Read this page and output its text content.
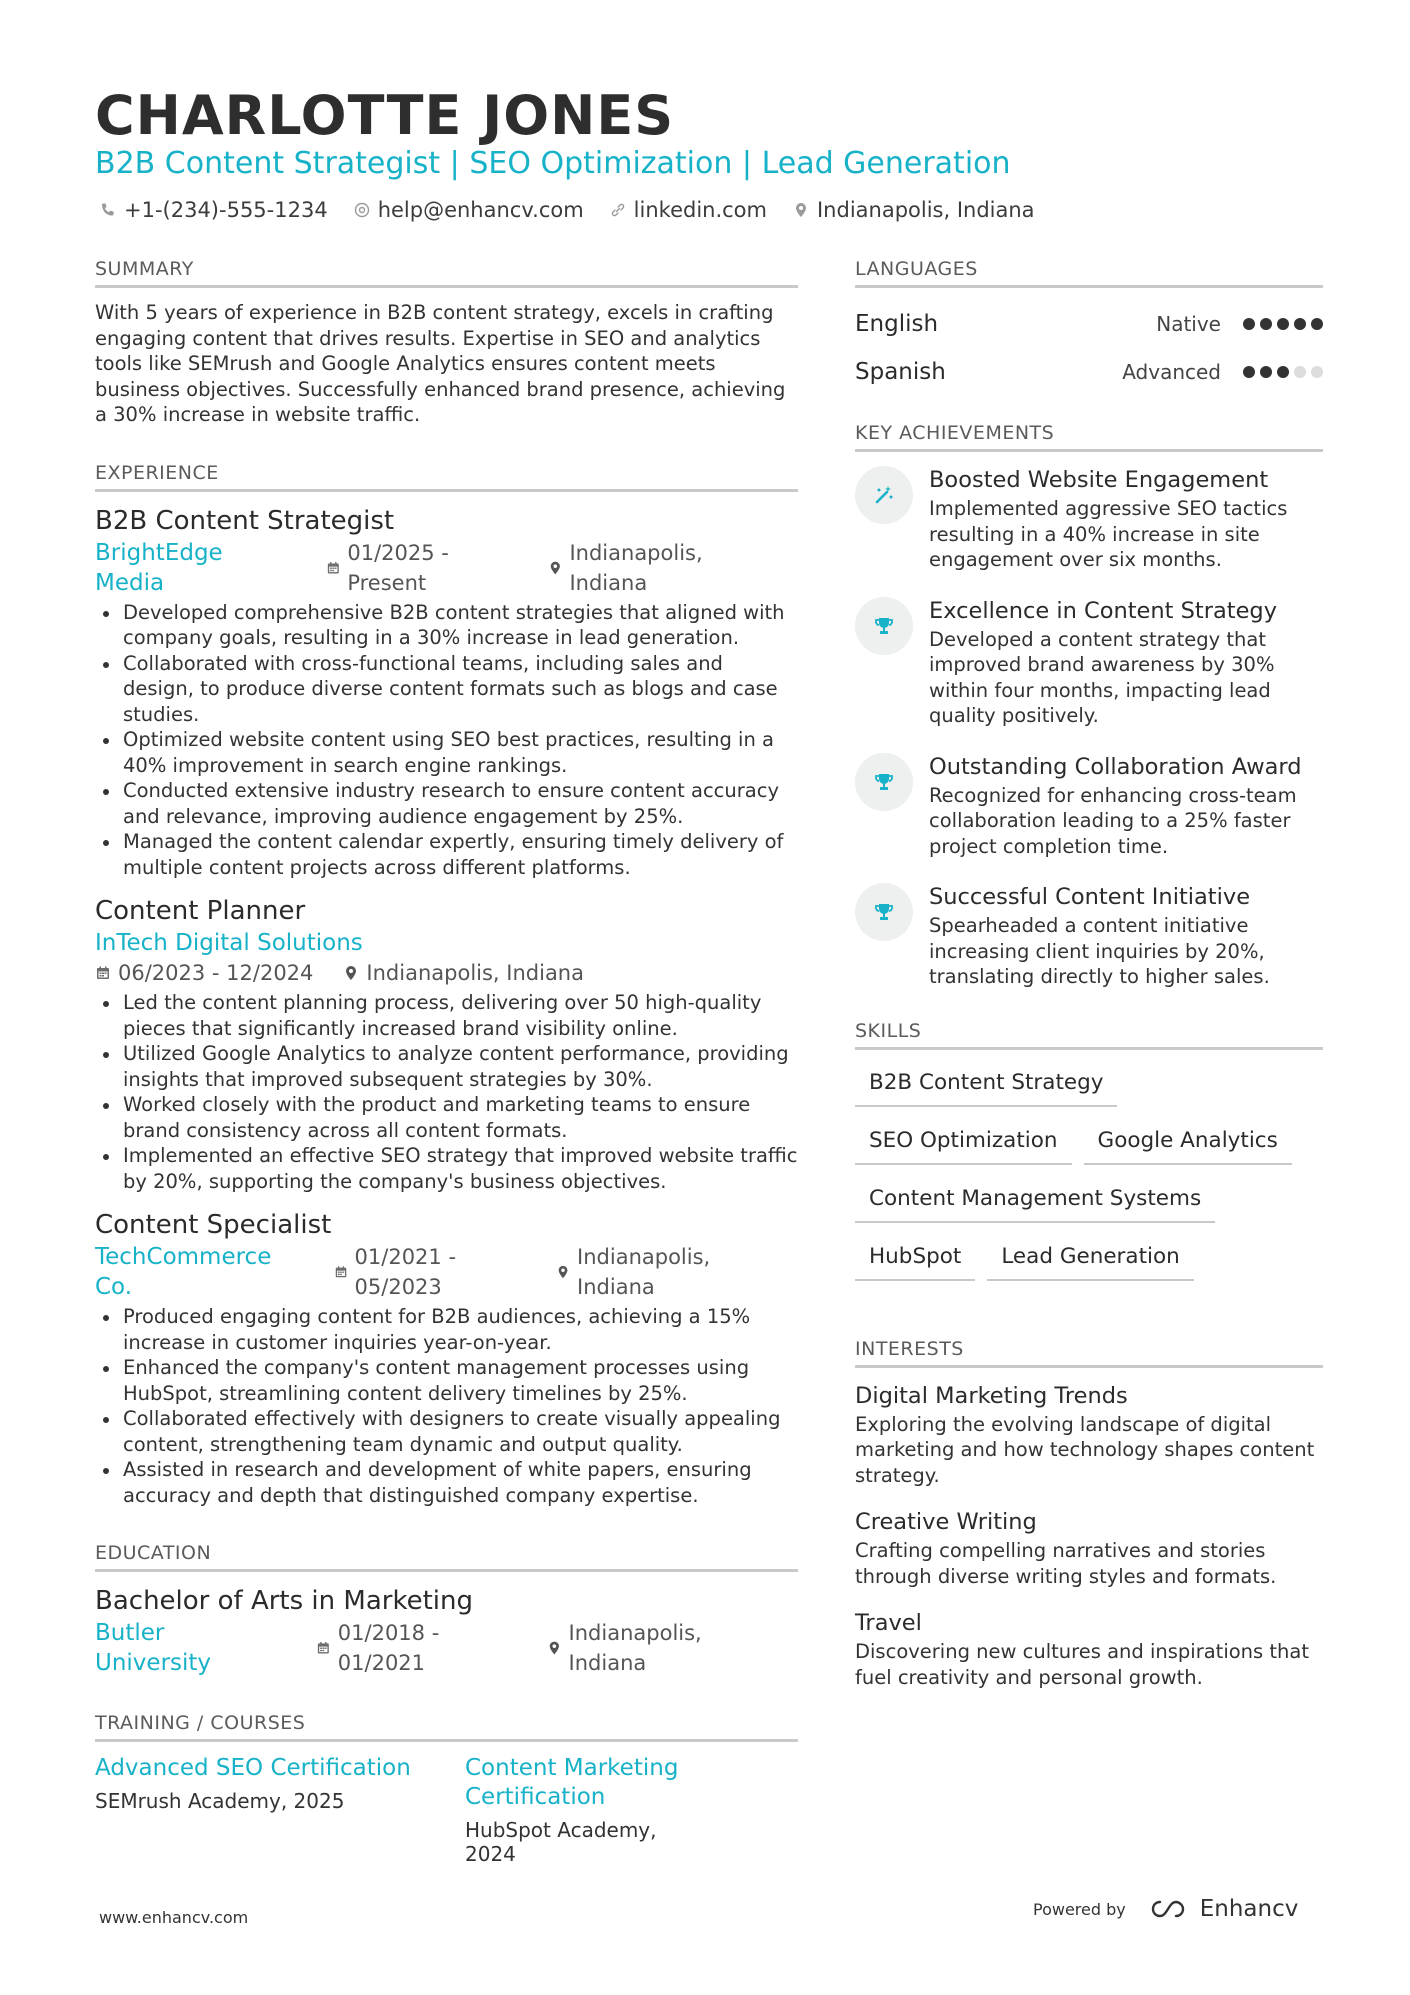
CHARLOTTE JONES
B2B Content Strategist | SEO Optimization | Lead Generation
+1-(234)-555-1234 help@enhancv.com linkedin.com Indianapolis, Indiana
SUMMARY

With 5 years of experience in B2B content strategy, excels in crafting engaging content that drives results. Expertise in SEO and analytics tools like SEMrush and Google Analytics ensures content meets business objectives. Successfully enhanced brand presence, achieving a 30% increase in website traffic.

EXPERIENCE
B2B Content Strategist
BrightEdge Media
01/2025 - Present
Indianapolis, Indiana
Developed comprehensive B2B content strategies that aligned with company goals, resulting in a 30% increase in lead generation.
Collaborated with cross-functional teams, including sales and design, to produce diverse content formats such as blogs and case studies.
Optimized website content using SEO best practices, resulting in a 40% improvement in search engine rankings.
Conducted extensive industry research to ensure content accuracy and relevance, improving audience engagement by 25%.
Managed the content calendar expertly, ensuring timely delivery of multiple content projects across different platforms.
Content Planner
InTech Digital Solutions
06/2023 - 12/2024	Indianapolis, Indiana
Led the content planning process, delivering over 50 high-quality pieces that significantly increased brand visibility online.
Utilized Google Analytics to analyze content performance, providing insights that improved subsequent strategies by 30%.
Worked closely with the product and marketing teams to ensure brand consistency across all content formats.
Implemented an effective SEO strategy that improved website traffic by 20%, supporting the company's business objectives.
Content Specialist
TechCommerce Co.
01/2021 - 05/2023
Indianapolis, Indiana
Produced engaging content for B2B audiences, achieving a 15% increase in customer inquiries year-on-year.
Enhanced the company's content management processes using HubSpot, streamlining content delivery timelines by 25%.
Collaborated effectively with designers to create visually appealing content, strengthening team dynamic and output quality.
Assisted in research and development of white papers, ensuring accuracy and depth that distinguished company expertise.
EDUCATION
Bachelor of Arts in Marketing
Butler University
01/2018 - 01/2021
Indianapolis, Indiana
TRAINING / COURSES
Advanced SEO Certification
SEMrush Academy, 2025
Content Marketing Certification
HubSpot Academy, 2024
LANGUAGES
English	Native
Spanish	Advanced
KEY ACHIEVEMENTS
Boosted Website Engagement
Implemented aggressive SEO tactics resulting in a 40% increase in site engagement over six months.
Excellence in Content Strategy
Developed a content strategy that improved brand awareness by 30% within four months, impacting lead quality positively.
Outstanding Collaboration Award
Recognized for enhancing cross-team collaboration leading to a 25% faster project completion time.
Successful Content Initiative
Spearheaded a content initiative increasing client inquiries by 20%, translating directly to higher sales.
SKILLS
B2B Content Strategy
SEO Optimization	Google Analytics
Content Management Systems
HubSpot	Lead Generation
INTERESTS
Digital Marketing Trends
Exploring the evolving landscape of digital marketing and how technology shapes content strategy.
Creative Writing
Crafting compelling narratives and stories through diverse writing styles and formats.
Travel
Discovering new cultures and inspirations that fuel creativity and personal growth.
www.enhancv.com	Powered by	Enhancv
